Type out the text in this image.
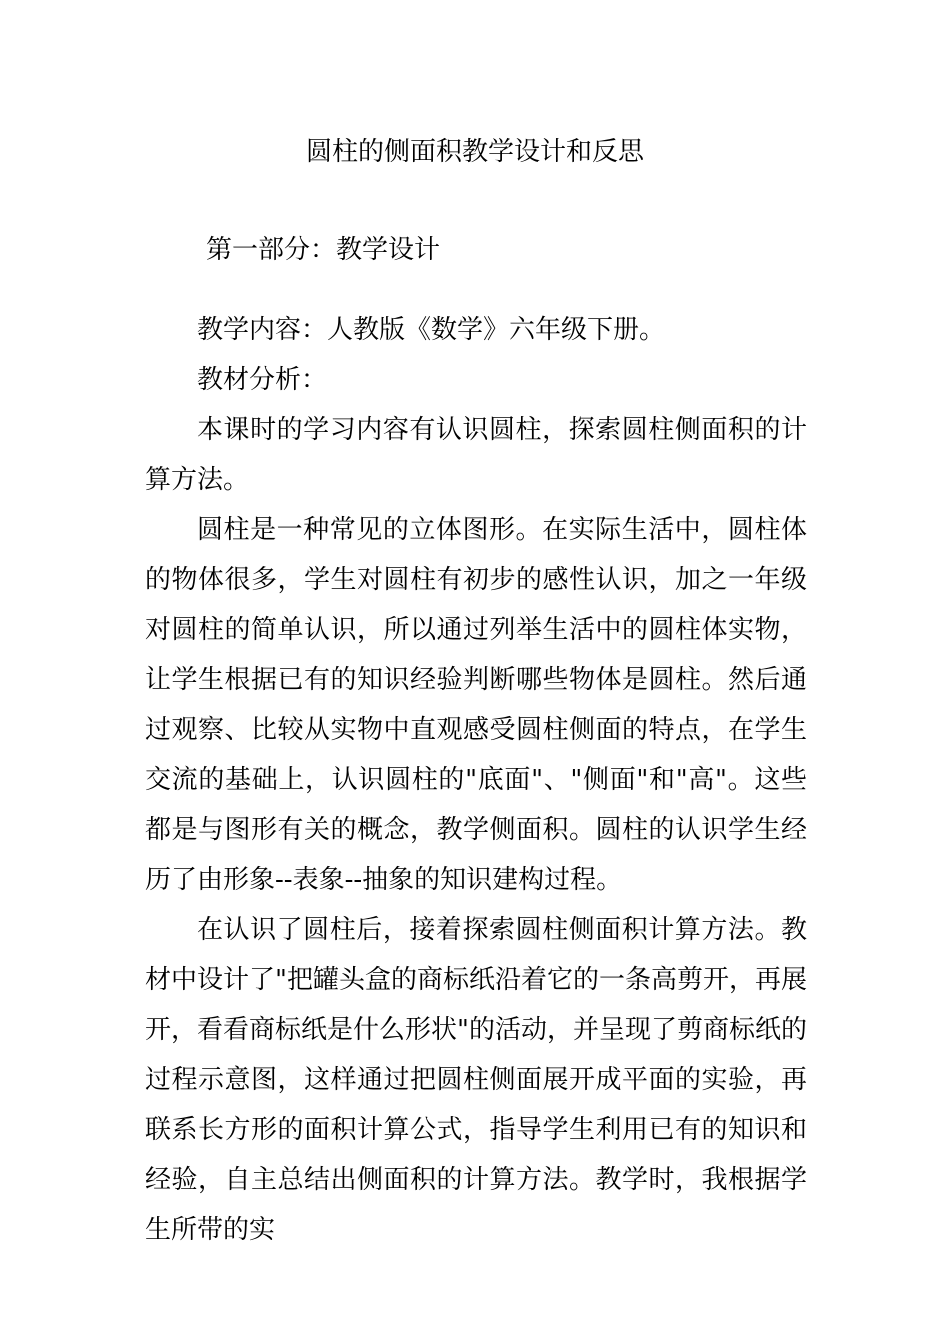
圆柱的侧面积教学设计和反思
第一部分：教学设计

教学内容：人教版《数学》六年级下册。

教材分析：

本课时的学习内容有认识圆柱，探索圆柱侧面积的计算方法。

圆柱是一种常见的立体图形。在实际生活中，圆柱体的物体很多，学生对圆柱有初步的感性认识，加之一年级对圆柱的简单认识，所以通过列举生活中的圆柱体实物，让学生根据已有的知识经验判断哪些物体是圆柱。然后通过观察、比较从实物中直观感受圆柱侧面的特点，在学生交流的基础上，认识圆柱的"底面"、"侧面"和"高"。这些都是与图形有关的概念，教学侧面积。圆柱的认识学生经历了由形象--表象--抽象的知识建构过程。

在认识了圆柱后，接着探索圆柱侧面积计算方法。教材中设计了"把罐头盒的商标纸沿着它的一条高剪开，再展开，看看商标纸是什么形状"的活动，并呈现了剪商标纸的过程示意图，这样通过把圆柱侧面展开成平面的实验，再联系长方形的面积计算公式，指导学生利用已有的知识和经验，自主总结出侧面积的计算方法。教学时，我根据学生所带的实
